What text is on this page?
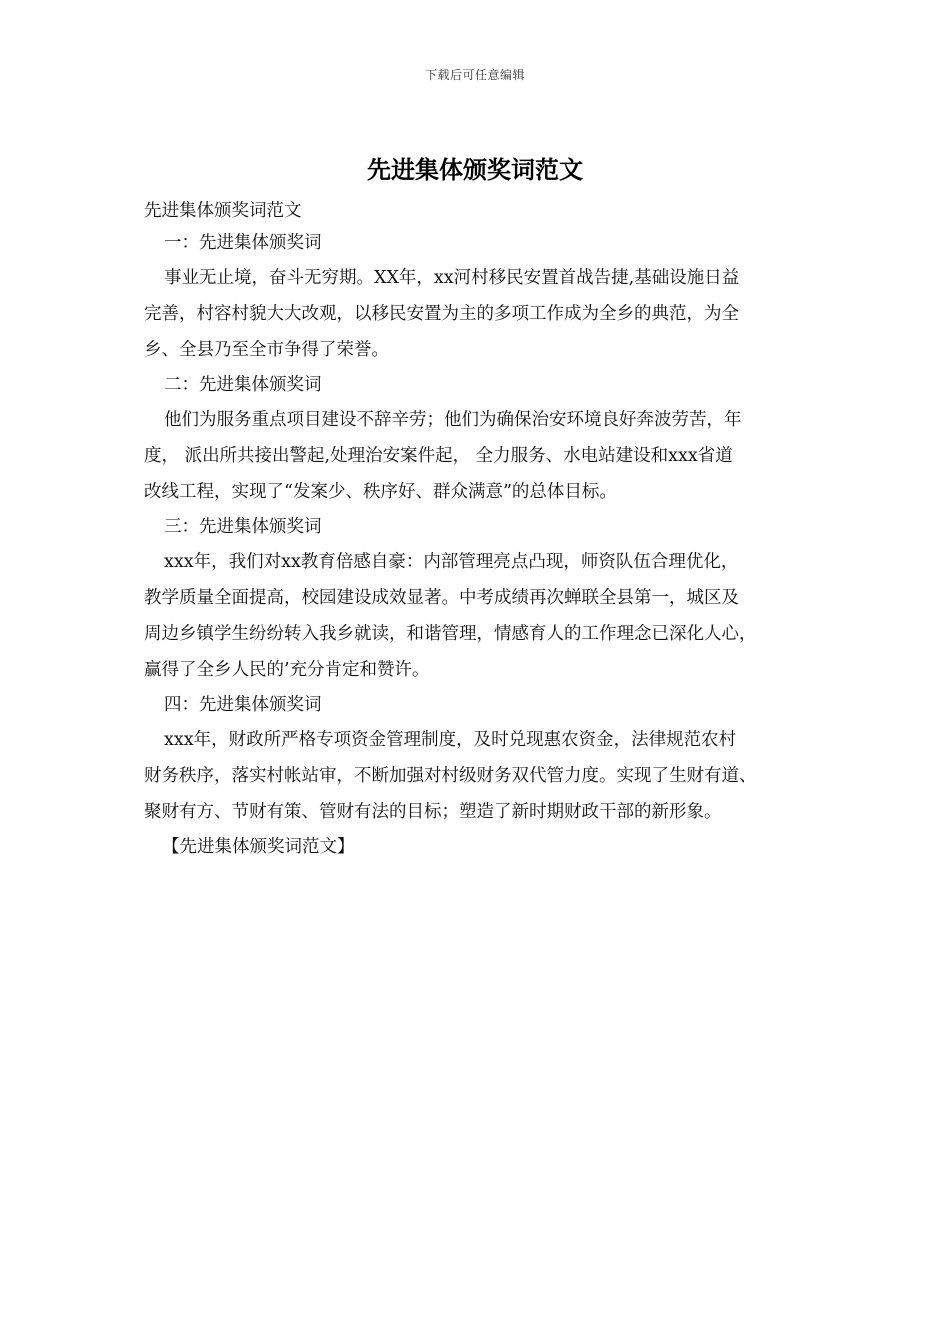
下载后可任意编辑
先进集体颁奖词范文

先进集体颁奖词范文

一：先进集体颁奖词

事业无止境，奋斗无穷期。XX年，xx河村移民安置首战告捷,基础设施日益

完善，村容村貌大大改观，以移民安置为主的多项工作成为全乡的典范，为全

乡、全县乃至全市争得了荣誉。

二：先进集体颁奖词

他们为服务重点项目建设不辞辛劳；他们为确保治安环境良好奔波劳苦，年

度， 派出所共接出警起,处理治安案件起， 全力服务、水电站建设和xxx省道

改线工程，实现了“发案少、秩序好、群众满意”的总体目标。

三：先进集体颁奖词

xxx年，我们对xx教育倍感自豪：内部管理亮点凸现，师资队伍合理优化，

教学质量全面提高，校园建设成效显著。中考成绩再次蝉联全县第一，城区及

周边乡镇学生纷纷转入我乡就读，和谐管理，情感育人的工作理念已深化人心，

赢得了全乡人民的’充分肯定和赞许。

四：先进集体颁奖词

xxx年，财政所严格专项资金管理制度，及时兑现惠农资金，法律规范农村

财务秩序，落实村帐站审，不断加强对村级财务双代管力度。实现了生财有道、

聚财有方、节财有策、管财有法的目标；塑造了新时期财政干部的新形象。

【先进集体颁奖词范文】
